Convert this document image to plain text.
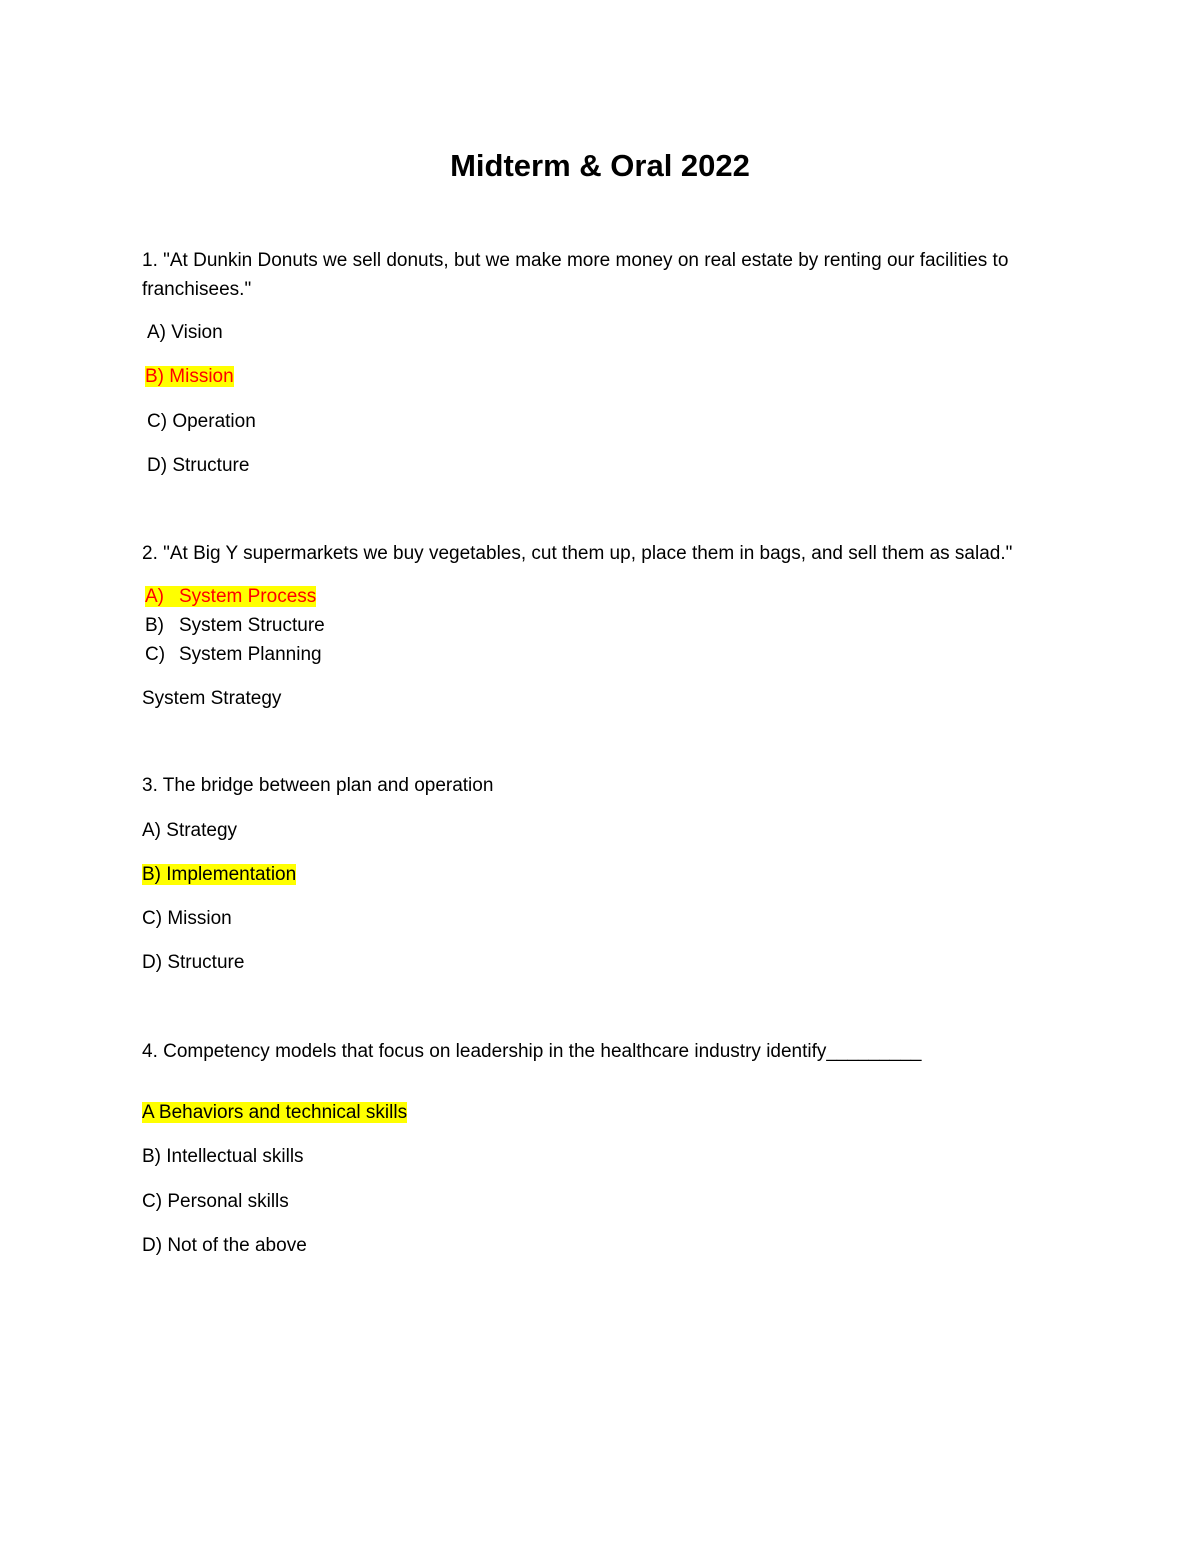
Midterm & Oral 2022
1. "At Dunkin Donuts we sell donuts, but we make more money on real estate by renting our facilities to
franchisees."
A) Vision
B) Mission
C) Operation
D) Structure
2. "At Big Y supermarkets we buy vegetables, cut them up, place them in bags, and sell them as salad."
A) System Process
B) System Structure
C) System Planning
System Strategy
3. The bridge between plan and operation
A) Strategy
B) Implementation
C) Mission
D) Structure
4. Competency models that focus on leadership in the healthcare industry identify_________
A Behaviors and technical skills
B) Intellectual skills
C) Personal skills
D) Not of the above
